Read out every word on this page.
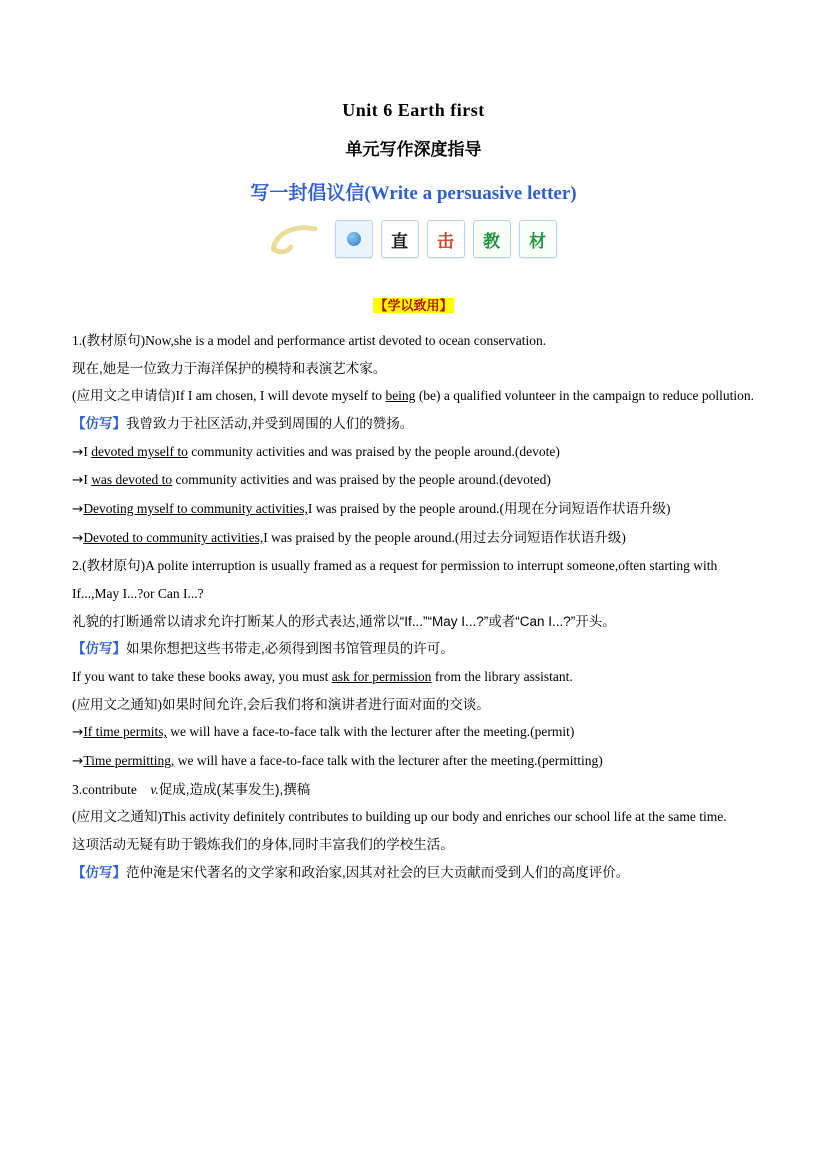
Unit 6 Earth first
单元写作深度指导
写一封倡议信(Write a persuasive letter)
直	击	教	材
【学以致用】

1.(教材原句)Now,she is a model and performance artist devoted to ocean conservation.

现在,她是一位致力于海洋保护的模特和表演艺术家。

(应用文之申请信)If I am chosen, I will devote myself to being (be) a qualified volunteer in the campaign to reduce pollution.

【仿写】我曾致力于社区活动,并受到周围的人们的赞扬。

→I devoted myself to community activities and was praised by the people around.(devote)

→I was devoted to community activities and was praised by the people around.(devoted)

→Devoting myself to community activities,I was praised by the people around.(用现在分词短语作状语升级)

→Devoted to community activities,I was praised by the people around.(用过去分词短语作状语升级)

2.(教材原句)A polite interruption is usually framed as a request for permission to interrupt someone,often starting with If...,May I...?or Can I...?

礼貌的打断通常以请求允许打断某人的形式表达,通常以“If...”“May I...?”或者“Can I...?”开头。

【仿写】如果你想把这些书带走,必须得到图书馆管理员的许可。

If you want to take these books away, you must ask for permission from the library assistant.

(应用文之通知)如果时间允许,会后我们将和演讲者进行面对面的交谈。

→If time permits, we will have a face-to-face talk with the lecturer after the meeting.(permit)

→Time permitting, we will have a face-to-face talk with the lecturer after the meeting.(permitting)

3.contribute　v.促成,造成(某事发生),撰稿

(应用文之通知)This activity definitely contributes to building up our body and enriches our school life at the same time.

这项活动无疑有助于锻炼我们的身体,同时丰富我们的学校生活。

【仿写】范仲淹是宋代著名的文学家和政治家,因其对社会的巨大贡献而受到人们的高度评价。
